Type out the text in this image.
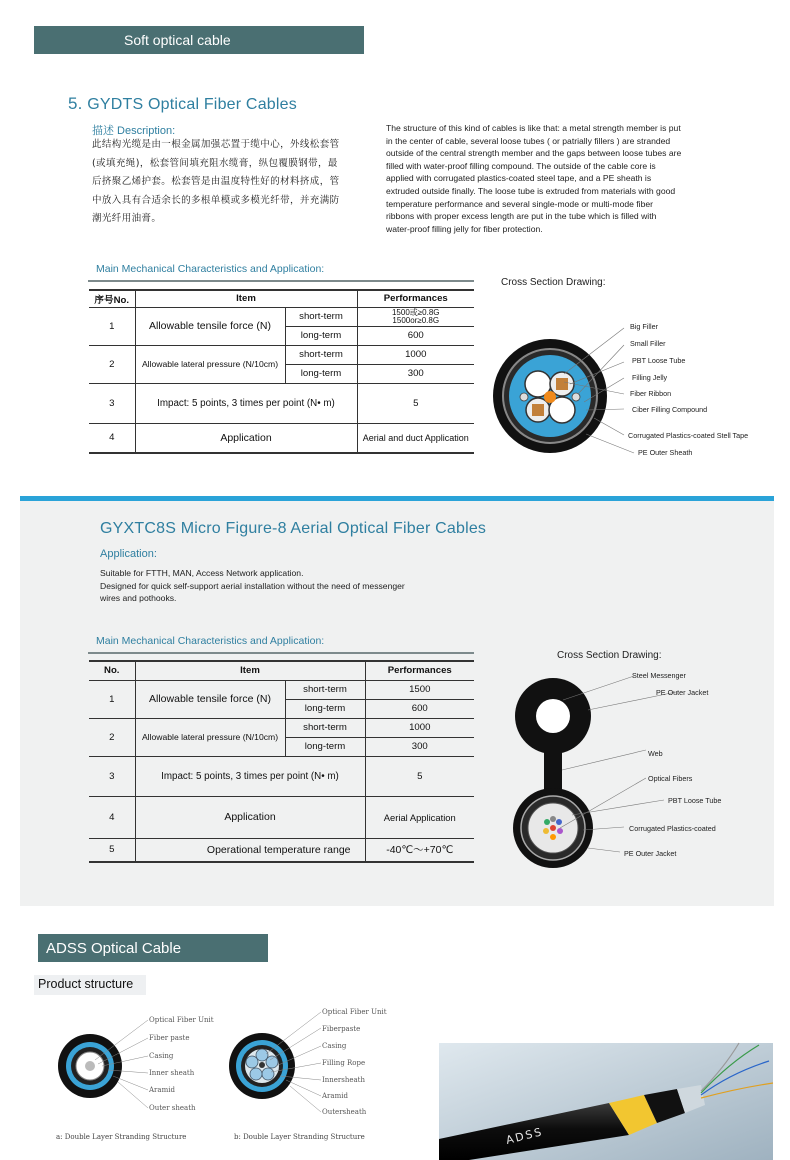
Soft optical cable
5. GYDTS Optical Fiber Cables
描述 Description:
此结构光缆是由一根金属加强芯置于缆中心，外线松套管
(或填充绳)，松套管间填充阻水缆膏，纵包覆膜钢带，最
后挤聚乙烯护套。松套管是由温度特性好的材料挤成，管
中放入具有合适余长的多根单模或多模光纤带，并充满防
潮光纤用油膏。
The structure of this kind of cables is like that: a metal strength member is put
in the center of cable, several loose tubes ( or patrially fillers ) are stranded
outside of the central strength member and the gaps between loose tubes are
filled with water-proof filling compound. The outside of the cable core is
applied with corrugated plastics-coated steel tape, and a PE sheath is
extruded outside finally. The loose tube is extruded from materials with good
temperature performance and several single-mode or multi-mode fiber
ribbons with proper excess length are put in the tube which is filled with
water-proof filling jelly for fiber protection.
Main Mechanical Characteristics and Application:
序号No.	Item		Performances
1	Allowable tensile force (N)	short-term	1500或≥0.8G
1500or≥0.8G

		long-term	600
2	Allowable lateral pressure (N/10cm)	short-term	1000
		long-term	300
3	Impact: 5 points, 3 times per point (N• m)		5
4	Application		Aerial and duct Application
Cross Section Drawing:
Big Filler
Small Filler
PBT Loose Tube
Filling Jelly
Fiber Ribbon
Ciber Filling Compound
Corrugated Plastics-coated Stell Tape
PE Outer Sheath
GYXTC8S Micro Figure-8 Aerial Optical Fiber Cables
Application:
Suitable for FTTH, MAN, Access Network application.
Designed for quick self-support aerial installation without the need of messenger
wires and pothooks.
Main Mechanical Characteristics and Application:
No.	Item		Performances
1	Allowable tensile force (N)	short-term	1500
		long-term	600
2	Allowable lateral pressure (N/10cm)	short-term	1000
		long-term	300
3	Impact: 5 points, 3 times per point (N• m)		5
4	Application		Aerial Application
5	Operational temperature range		-40℃～+70℃
Cross Section Drawing:
Steel Messenger
PE Outer Jacket
Web
Optical Fibers
PBT Loose Tube
Corrugated Plastics-coated
PE Outer Jacket
ADSS Optical Cable
Product structure
Optical Fiber Unit
Fiber paste
Casing
Inner sheath
Aramid
Outer sheath
Optical Fiber Unit
Fiberpaste
Casing
Filling Rope
Innersheath
Aramid
Outersheath
a: Double Layer Stranding Structure	b: Double Layer Stranding Structure	ADSS
